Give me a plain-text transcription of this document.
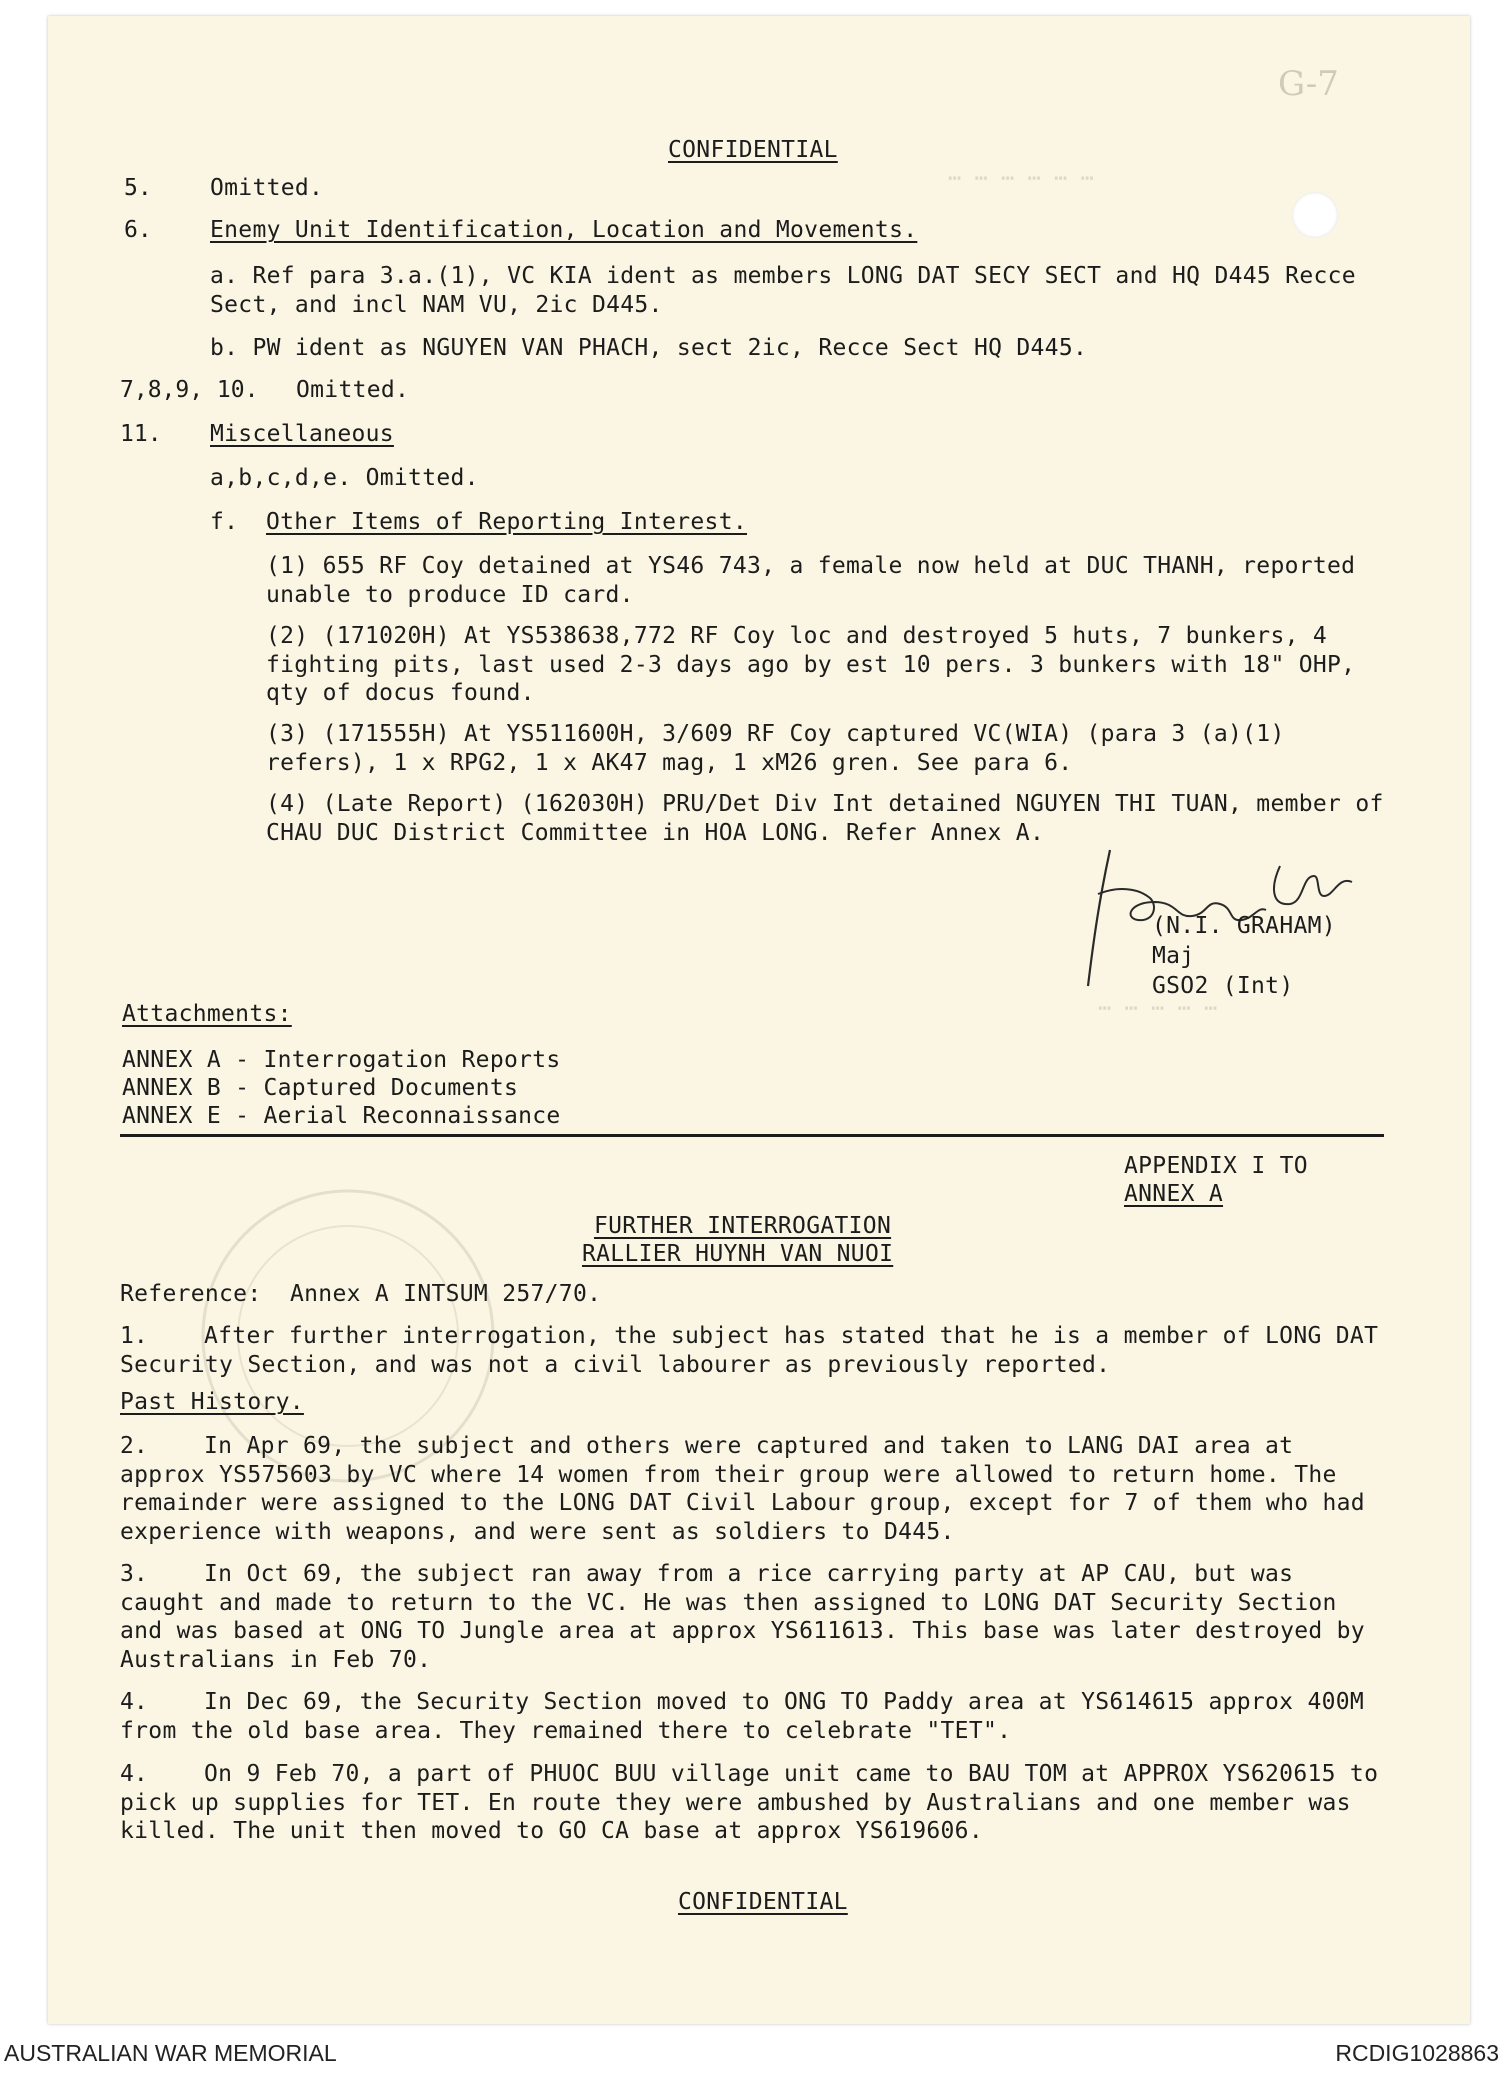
G-7
⋯ ⋯ ⋯ ⋯ ⋯ ⋯
⋯ ⋯ ⋯ ⋯ ⋯
CONFIDENTIAL
5.	Omitted.
6.	Enemy Unit Identification, Location and Movements.
a. Ref para 3.a.(1), VC KIA ident as members LONG DAT SECY SECT and HQ D445 Recce Sect, and incl NAM VU, 2ic D445.
b. PW ident as NGUYEN VAN PHACH, sect 2ic, Recce Sect HQ D445.
7,8,9, 10. Omitted.
11. Miscellaneous
a,b,c,d,e. Omitted.
f. Other Items of Reporting Interest.
(1) 655 RF Coy detained at YS46 743, a female now held at DUC THANH, reported unable to produce ID card.
(2) (171020H) At YS538638,772 RF Coy loc and destroyed 5 huts, 7 bunkers, 4 fighting pits, last used 2-3 days ago by est 10 pers. 3 bunkers with 18" OHP, qty of docus found.
(3) (171555H) At YS511600H, 3/609 RF Coy captured VC(WIA) (para 3 (a)(1) refers), 1 x RPG2, 1 x AK47 mag, 1 xM26 gren. See para 6.
(4) (Late Report) (162030H) PRU/Det Div Int detained NGUYEN THI TUAN, member of CHAU DUC District Committee in HOA LONG. Refer Annex A.
(N.I. GRAHAM)
Maj
GSO2 (Int)
Attachments:
ANNEX A - Interrogation Reports
ANNEX B - Captured Documents
ANNEX E - Aerial Reconnaissance
APPENDIX I TO
ANNEX A
FURTHER INTERROGATION
RALLIER HUYNH VAN NUOI
Reference: Annex A INTSUM 257/70.
1.	After further interrogation, the subject has stated that he is a member of LONG DAT Security Section, and was not a civil labourer as previously reported.
Past History.
2.	In Apr 69, the subject and others were captured and taken to LANG DAI area at approx YS575603 by VC where 14 women from their group were allowed to return home. The remainder were assigned to the LONG DAT Civil Labour group, except for 7 of them who had experience with weapons, and were sent as soldiers to D445.
3.	In Oct 69, the subject ran away from a rice carrying party at AP CAU, but was caught and made to return to the VC. He was then assigned to LONG DAT Security Section and was based at ONG TO Jungle area at approx YS611613. This base was later destroyed by Australians in Feb 70.
4.	In Dec 69, the Security Section moved to ONG TO Paddy area at YS614615 approx 400M from the old base area. They remained there to celebrate "TET".
4.	On 9 Feb 70, a part of PHUOC BUU village unit came to BAU TOM at APPROX YS620615 to pick up supplies for TET. En route they were ambushed by Australians and one member was killed. The unit then moved to GO CA base at approx YS619606.
CONFIDENTIAL
AUSTRALIAN WAR MEMORIAL	RCDIG1028863
